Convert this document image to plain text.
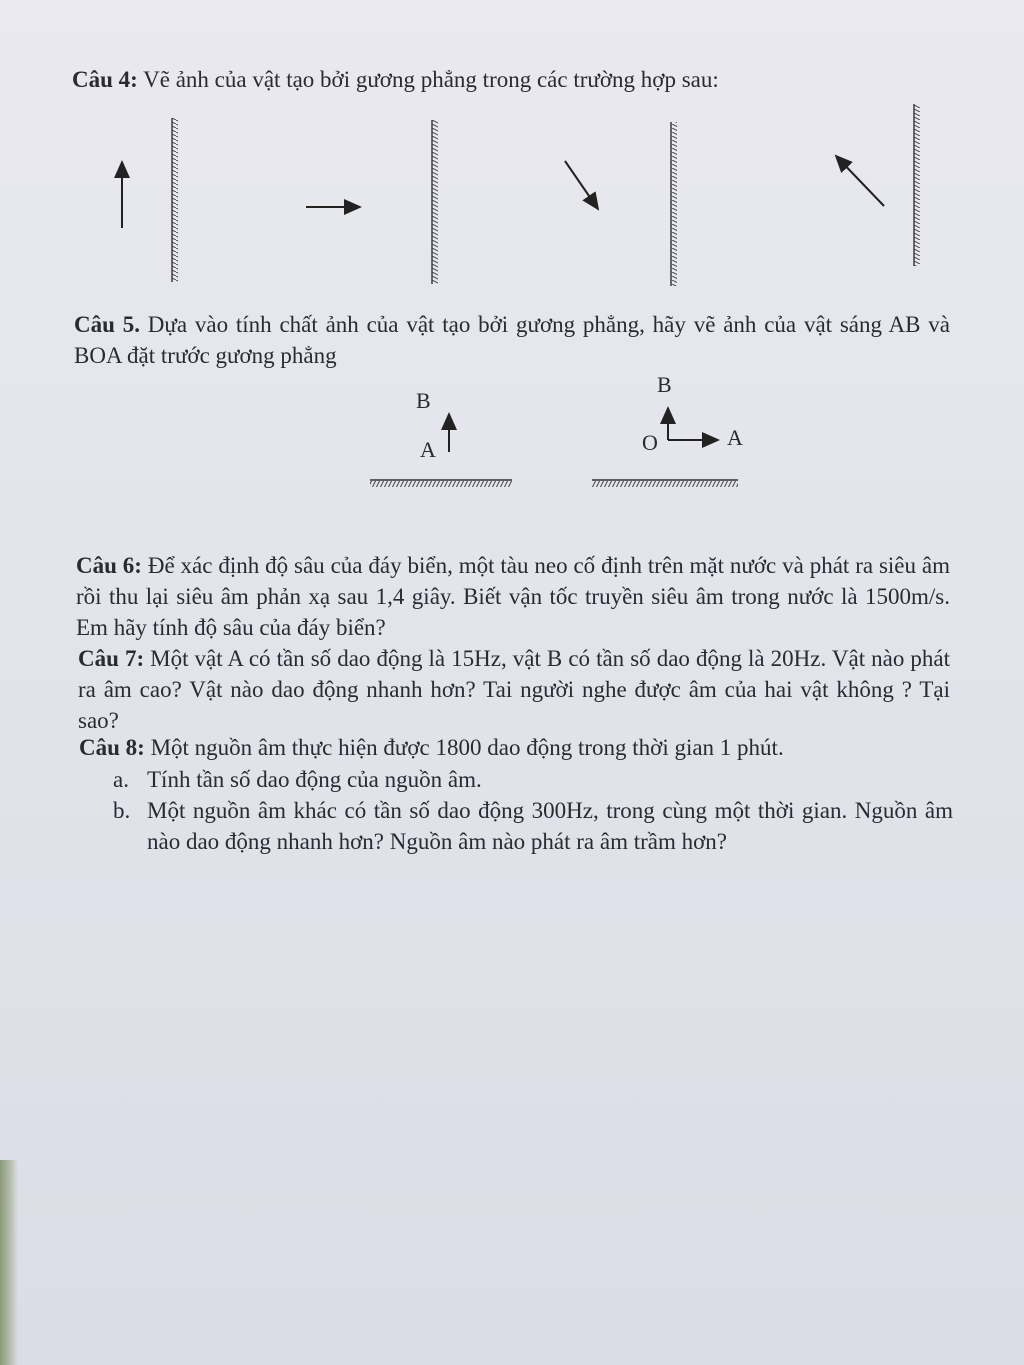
Câu 4: Vẽ ảnh của vật tạo bởi gương phẳng trong các trường hợp sau:
Câu 5. Dựa vào tính chất ảnh của vật tạo bởi gương phẳng, hãy vẽ ảnh của vật sáng AB và BOA đặt trước gương phẳng
B
A
B
O	A
Câu 6: Để xác định độ sâu của đáy biển, một tàu neo cố định trên mặt nước và phát ra siêu âm rồi thu lại siêu âm phản xạ sau 1,4 giây. Biết vận tốc truyền siêu âm trong nước là 1500m/s. Em hãy tính độ sâu của đáy biển?
Câu 7: Một vật A có tần số dao động là 15Hz, vật B có tần số dao động là 20Hz. Vật nào phát ra âm cao? Vật nào dao động nhanh hơn? Tai người nghe được âm của hai vật không ? Tại sao?
Câu 8: Một nguồn âm thực hiện được 1800 dao động trong thời gian 1 phút.
a. Tính tần số dao động của nguồn âm.
b. Một nguồn âm khác có tần số dao động 300Hz, trong cùng một thời gian. Nguồn âm nào dao động nhanh hơn? Nguồn âm nào phát ra âm trầm hơn?
